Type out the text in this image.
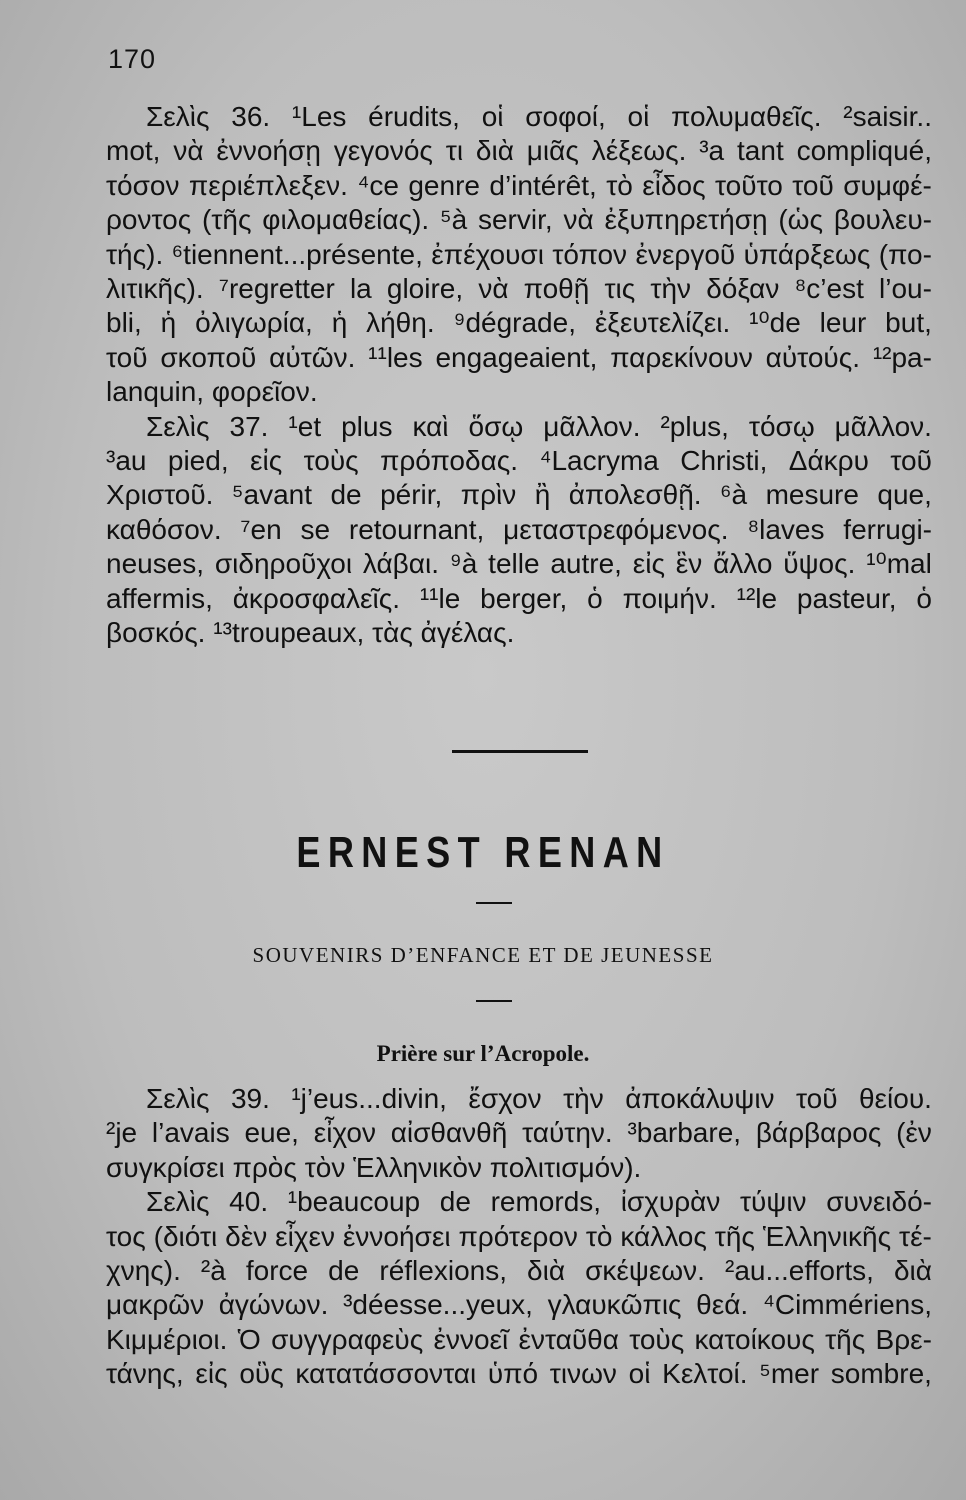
170

Σελὶς 36. ¹Les érudits, οἱ σοφοί, οἱ πολυμαθεῖς. ²saisir..

mot, νὰ ἐννοήσῃ γεγονός τι διὰ μιᾶς λέξεως. ³a tant compliqué,

τόσον περιέπλεξεν. ⁴ce genre d’intérêt, τὸ εἶδος τοῦτο τοῦ συμφέ-

ροντος (τῆς φιλομαθείας). ⁵à servir, νὰ ἐξυπηρετήσῃ (ὡς βουλευ-

τής). ⁶tiennent...présente, ἐπέχουσι τόπον ἐνεργοῦ ὑπάρξεως (πο-

λιτικῆς). ⁷regretter la gloire, νὰ ποθῇ τις τὴν δόξαν ⁸c’est l’ou-

bli, ἡ ὀλιγωρία, ἡ λήθη. ⁹dégrade, ἐξευτελίζει. ¹⁰de leur but,

τοῦ σκοποῦ αὐτῶν. ¹¹les engageaient, παρεκίνουν αὐτούς. ¹²pa-

lanquin, φορεῖον.

Σελὶς 37. ¹et plus καὶ ὅσῳ μᾶλλον. ²plus, τόσῳ μᾶλλον.

³au pied, εἰς τοὺς πρόποδας. ⁴Lacryma Christi, Δάκρυ τοῦ

Χριστοῦ. ⁵avant de périr, πρὶν ἢ ἀπολεσθῇ. ⁶à mesure que,

καθόσον. ⁷en se retournant, μεταστρεφόμενος. ⁸laves ferrugi-

neuses, σιδηροῦχοι λάβαι. ⁹à telle autre, εἰς ἓν ἄλλο ὕψος. ¹⁰mal

affermis, ἀκροσφαλεῖς. ¹¹le berger, ὁ ποιμήν. ¹²le pasteur, ὁ

βοσκός. ¹³troupeaux, τὰς ἀγέλας.

ERNEST RENAN
SOUVENIRS D’ENFANCE ET DE JEUNESSE
Prière sur l’Acropole.

Σελὶς 39. ¹j’eus...divin, ἔσχον τὴν ἀποκάλυψιν τοῦ θείου.

²je l’avais eue, εἶχον αἰσθανθῆ ταύτην. ³barbare, βάρβαρος (ἐν

συγκρίσει πρὸς τὸν Ἑλληνικὸν πολιτισμόν).

Σελὶς 40. ¹beaucoup de remords, ἰσχυρὰν τύψιν συνειδό-

τος (διότι δὲν εἶχεν ἐννοήσει πρότερον τὸ κάλλος τῆς Ἑλληνικῆς τέ-

χνης). ²à force de réflexions, διὰ σκέψεων. ²au...efforts, διὰ

μακρῶν ἀγώνων. ³déesse...yeux, γλαυκῶπις θεά. ⁴Cimmériens,

Κιμμέριοι. Ὁ συγγραφεὺς ἐννοεῖ ἐνταῦθα τοὺς κατοίκους τῆς Βρε-

τάνης, εἰς οὓς κατατάσσονται ὑπό τινων οἱ Κελτοί. ⁵mer sombre,
